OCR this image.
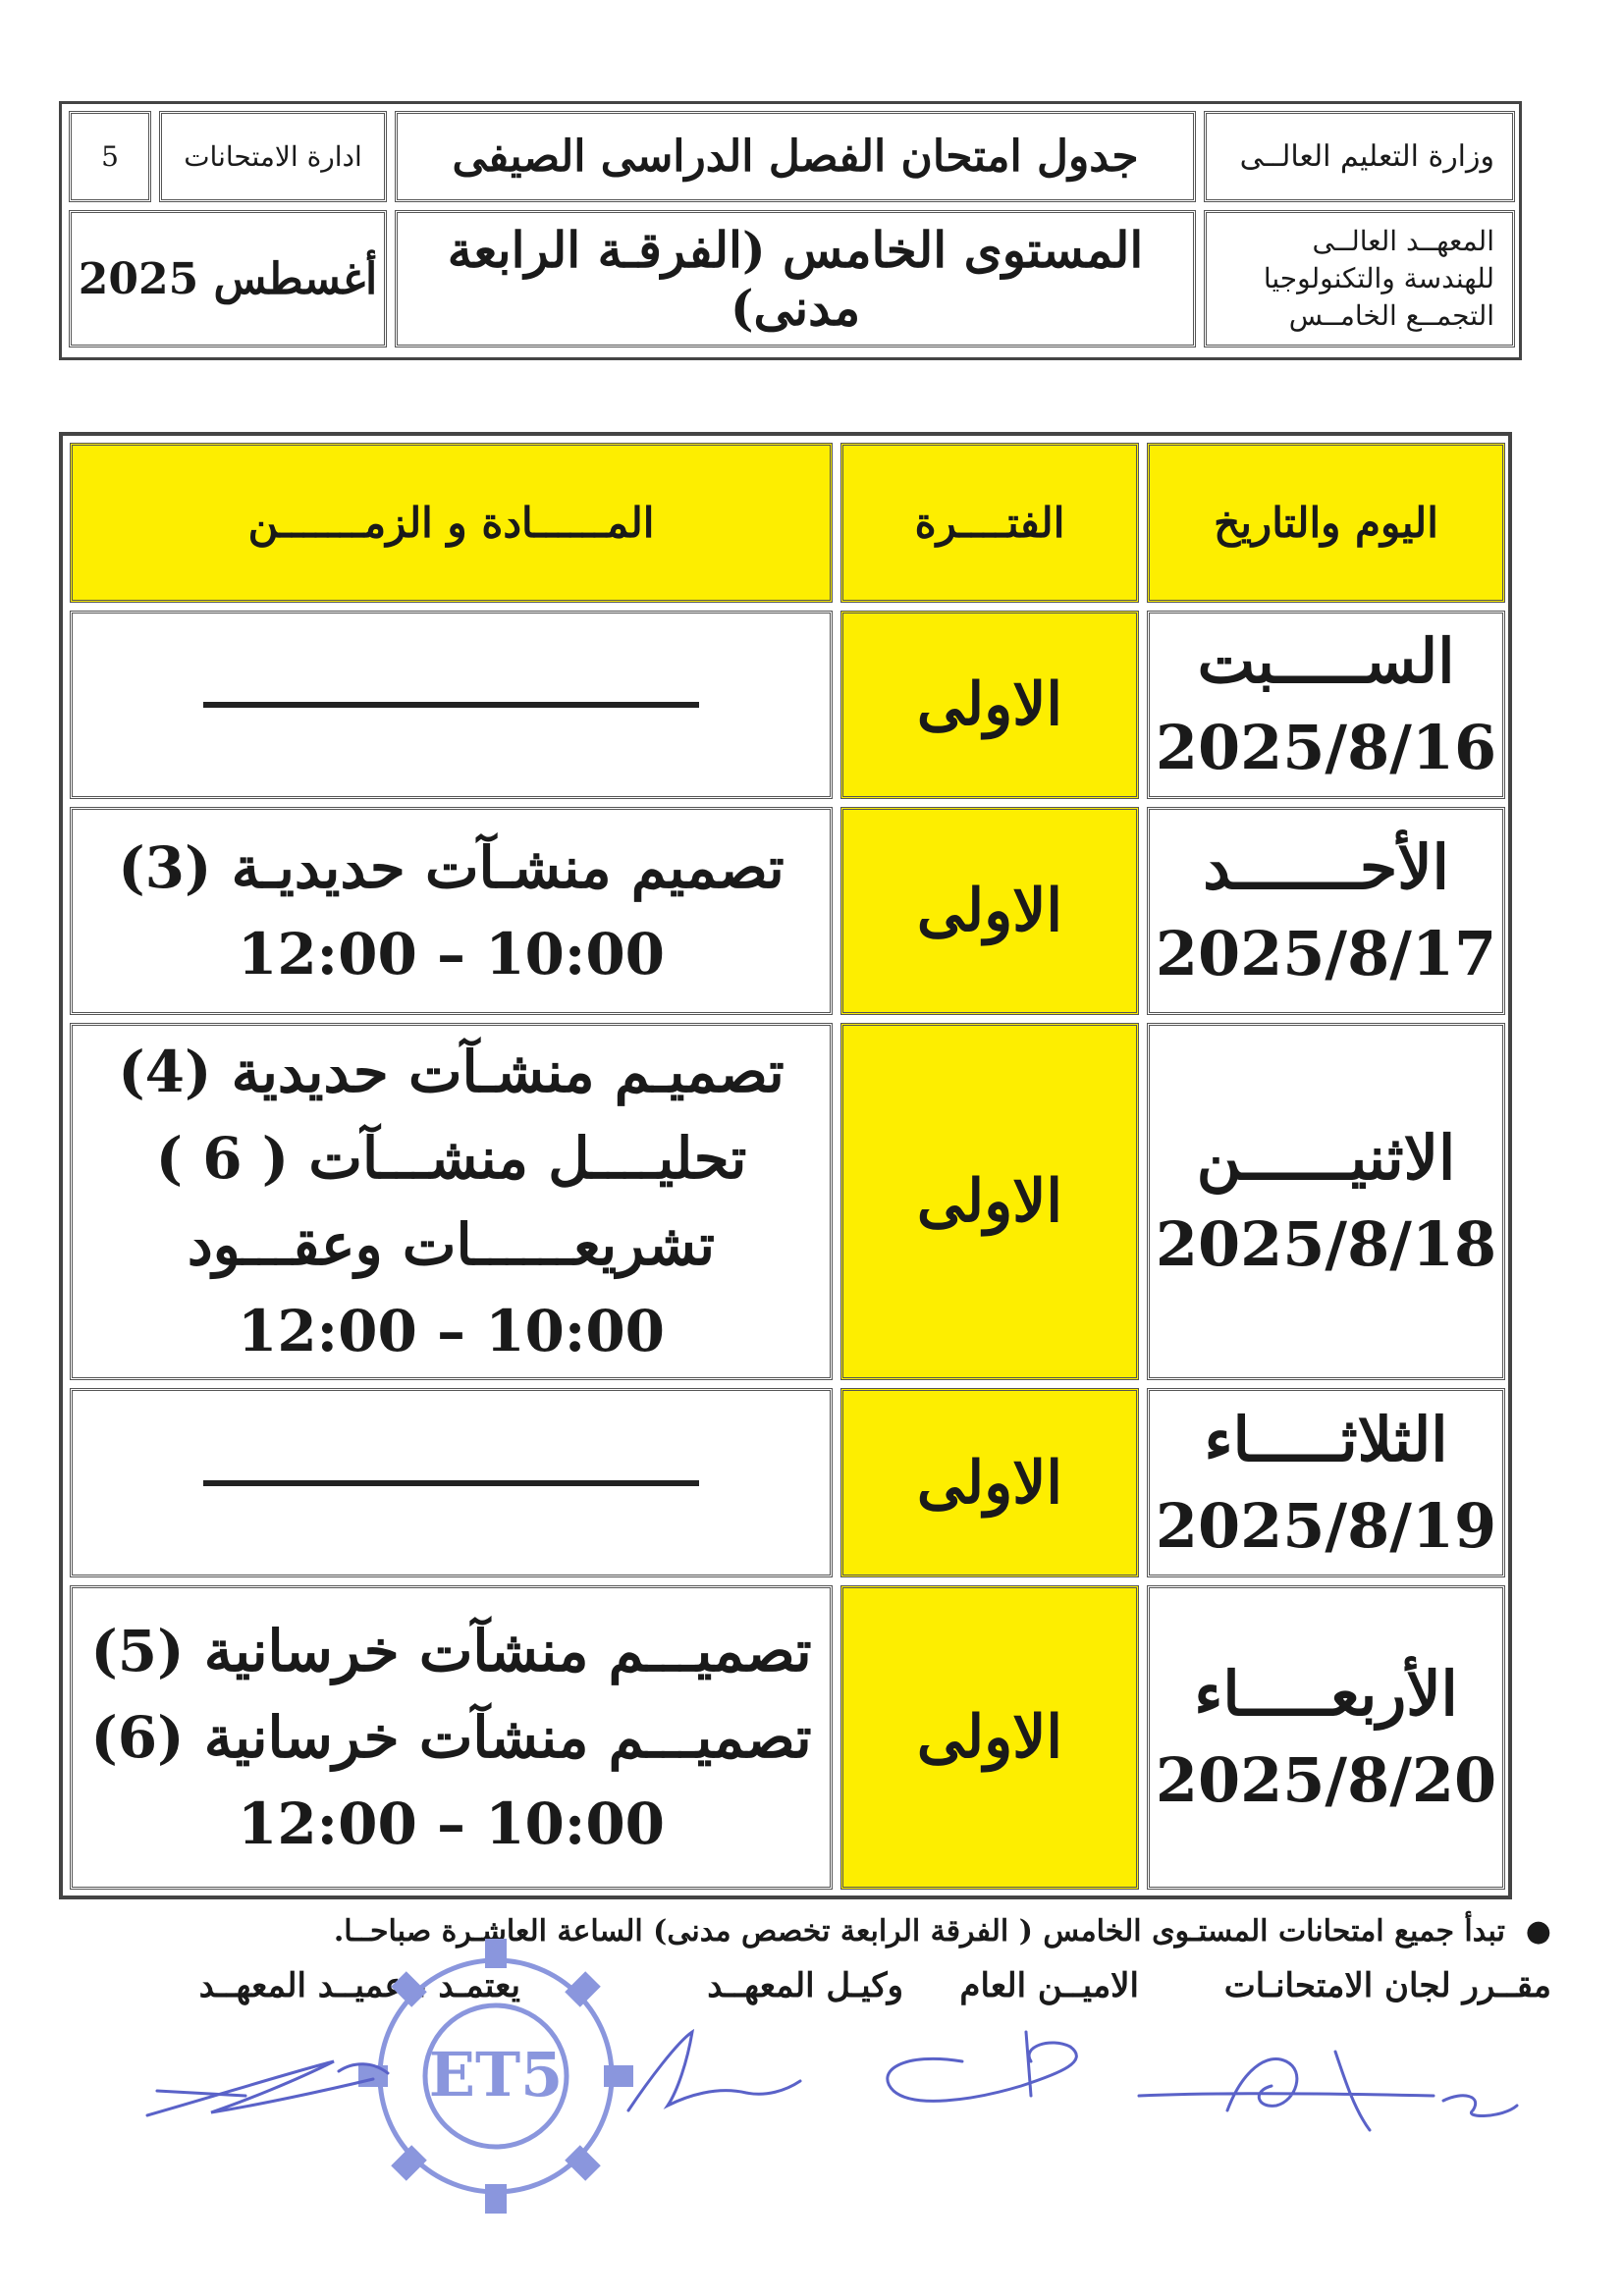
وزارة التعليم العالــى
جدول امتحان الفصل الدراسى الصيفى
ادارة الامتحانات
5
المعهــد العالــى
للهندسة والتكنولوجيا
التجمــع الخامــس
المستوى الخامس (الفرقـة الرابعة مدنى)
أغسطس 2025
اليوم والتاريخ
الفتــــرة
المــــــادة و الزمـــــــن
الســـــبت
2025/8/16
الاولى
الأحـــــــد
2025/8/17
الاولى
تصميم منشـآت حديديـة (3)
12:00 – 10:00
الاثنيــــــن
2025/8/18
الاولى
تصميـم منشـآت حديدية (4)
تحليــــل منشـــآت ( 6 )
تشريعــــــات وعقـــود
12:00 – 10:00
الثلاثـــــاء
2025/8/19
الاولى
الأربعـــــاء
2025/8/20
الاولى
تصميـــم منشآت خرسانية (5)
تصميـــم منشآت خرسانية (6)
12:00 – 10:00
●  تبدأ جميع امتحانات المستـوى الخامس ( الفرقة الرابعة تخصص مدنى) الساعة العاشـرة صباحــا.
مقــرر لجان الامتحانـات
الاميــن العام
وكيـل المعهــد
يعتمـد ، عميــد المعهــد
ET5
